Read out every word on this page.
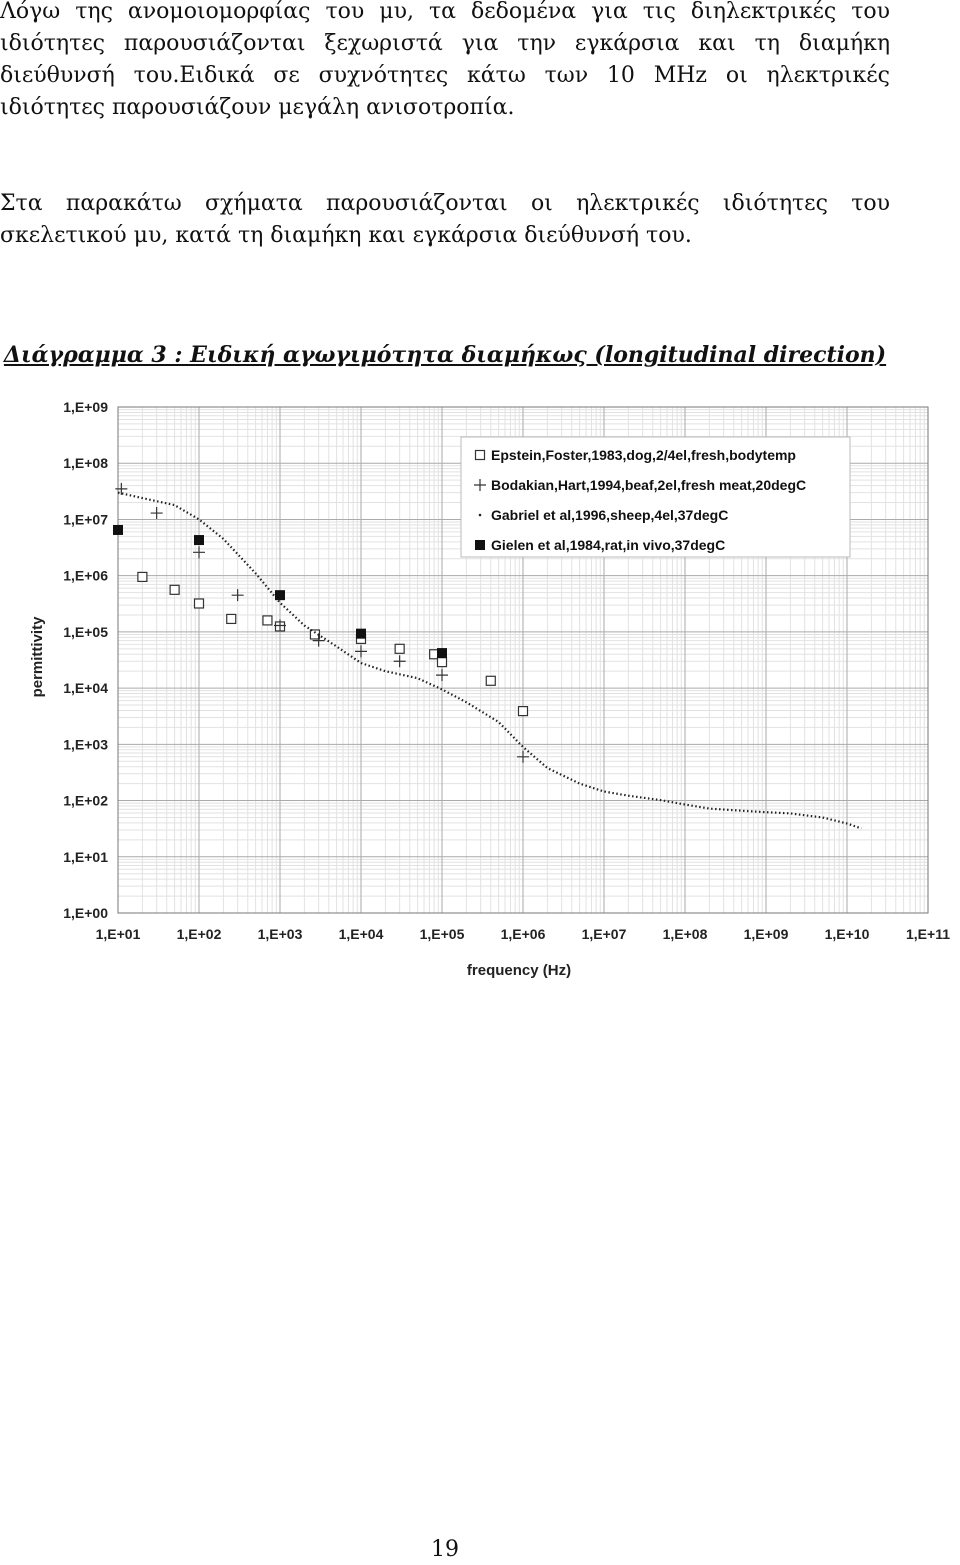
Λόγω της ανομοιομορφίας του μυ, τα δεδομένα για τις διηλεκτρικές του ιδιότητες παρουσιάζονται ξεχωριστά για την εγκάρσια και τη διαμήκη διεύθυνσή του.Ειδικά σε συχνότητες κάτω των 10 MHz οι ηλεκτρικές ιδιότητες παρουσιάζουν μεγάλη ανισοτροπία.

Στα παρακάτω σχήματα παρουσιάζονται οι ηλεκτρικές ιδιότητες του σκελετικού μυ, κατά τη διαμήκη και εγκάρσια διεύθυνσή του.

Διάγραμμα 3 : Ειδική αγωγιμότητα διαμήκως (longitudinal direction)

1,E+00
1,E+01
1,E+02
1,E+03
1,E+04
1,E+05
1,E+06
1,E+07
1,E+08
1,E+09
1,E+01	1,E+02	1,E+03	1,E+04	1,E+05	1,E+06	1,E+07	1,E+08	1,E+09	1,E+10	1,E+11
permittivity
frequency (Hz)
Epstein,Foster,1983,dog,2/4el,fresh,bodytemp
Bodakian,Hart,1994,beaf,2el,fresh meat,20degC
Gabriel et al,1996,sheep,4el,37degC
Gielen et al,1984,rat,in vivo,37degC
19
